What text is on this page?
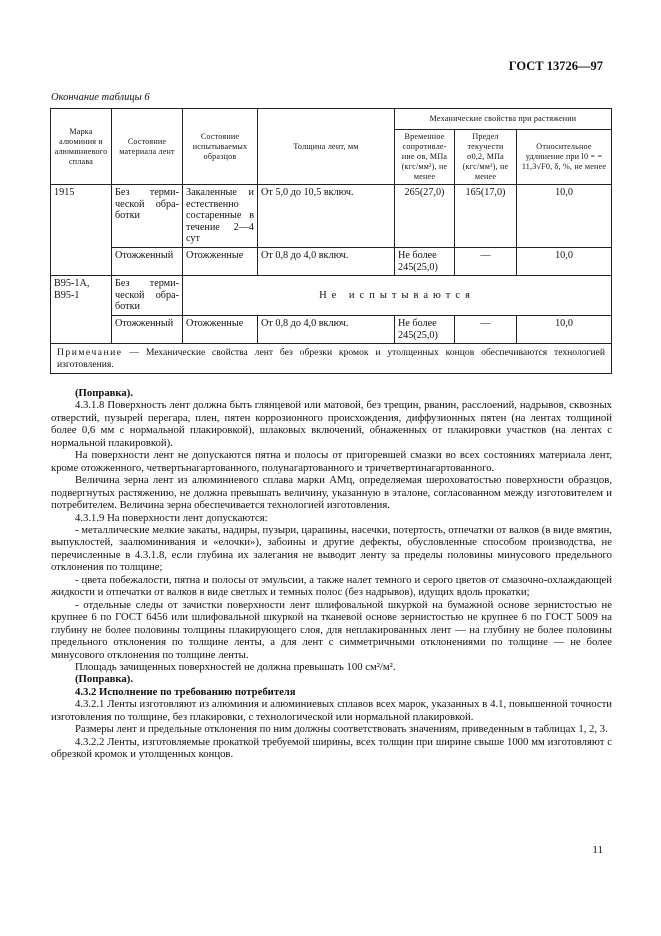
ГОСТ 13726—97
Окончание таблицы 6
Марка алюминия и алюминиевого сплава	Состояние материала лент	Состояние испытываемых образцов	Толщина лент, мм	Механические свойства при растяжении		
				Временное сопротивление σв, МПа (кгс/мм²), не менее	Предел текучести σ0,2, МПа (кгс/мм²), не менее	Относительное удлинение при l0 = = 11,3√F0, δ, %, не менее
1915	Без термической обработки	Закаленные и естественно состаренные в течение 2—4 сут	От 5,0 до 10,5 включ.	265(27,0)	165(17,0)	10,0
	Отожженный	Отожженные	От 0,8 до 4,0 включ.	Не более 245(25,0)	—	10,0
В95-1А, В95-1	Без термической обработки	Не испытываются				
	Отожженный	Отожженные	От 0,8 до 4,0 включ.	Не более 245(25,0)	—	10,0
Примечание — Механические свойства лент без обрезки кромок и утолщенных концов обеспечиваются технологией изготовления.						

(Поправка).

4.3.1.8 Поверхность лент должна быть глянцевой или матовой, без трещин, рванин, расслоений, надрывов, сквозных отверстий, пузырей перегара, плен, пятен коррозионного происхождения, диффузионных пятен (на лентах толщиной более 0,6 мм с нормальной плакировкой), шлаковых включений, обнаженных от плакировки участков (на лентах с нормальной плакировкой).

На поверхности лент не допускаются пятна и полосы от пригоревшей смазки во всех состояниях материала лент, кроме отожженного, четвертьнагартованного, полунагартованного и тричетвертинагартованного.

Величина зерна лент из алюминиевого сплава марки АМц, определяемая шероховатостью поверхности образцов, подвергнутых растяжению, не должна превышать величину, указанную в эталоне, согласованном между изготовителем и потребителем. Величина зерна обеспечивается технологией изготовления.

4.3.1.9 На поверхности лент допускаются:

- металлические мелкие закаты, надиры, пузыри, царапины, насечки, потертость, отпечатки от валков (в виде вмятин, выпуклостей, заалюминивания и «елочки»), забоины и другие дефекты, обусловленные способом производства, не перечисленные в 4.3.1.8, если глубина их залегания не выводит ленту за пределы половины минусового предельного отклонения по толщине;

- цвета побежалости, пятна и полосы от эмульсии, а также налет темного и серого цветов от смазочно-охлаждающей жидкости и отпечатки от валков в виде светлых и темных полос (без надрывов), идущих вдоль прокатки;

- отдельные следы от зачистки поверхности лент шлифовальной шкуркой на бумажной основе зернистостью не крупнее 6 по ГОСТ 6456 или шлифовальной шкуркой на тканевой основе зернистостью не крупнее 6 по ГОСТ 5009 на глубину не более половины толщины плакирующего слоя, для неплакированных лент — на глубину не более половины предельного отклонения по толщине ленты, а для лент с симметричными отклонениями по толщине — не более минусового отклонения по толщине ленты.

Площадь зачищенных поверхностей не должна превышать 100 см²/м².

(Поправка).

4.3.2 Исполнение по требованию потребителя

4.3.2.1 Ленты изготовляют из алюминия и алюминиевых сплавов всех марок, указанных в 4.1, повышенной точности изготовления по толщине, без плакировки, с технологической или нормальной плакировкой.

Размеры лент и предельные отклонения по ним должны соответствовать значениям, приведенным в таблицах 1, 2, 3.

4.3.2.2 Ленты, изготовляемые прокаткой требуемой ширины, всех толщин при ширине свыше 1000 мм изготовляют с обрезкой кромок и утолщенных концов.

11
